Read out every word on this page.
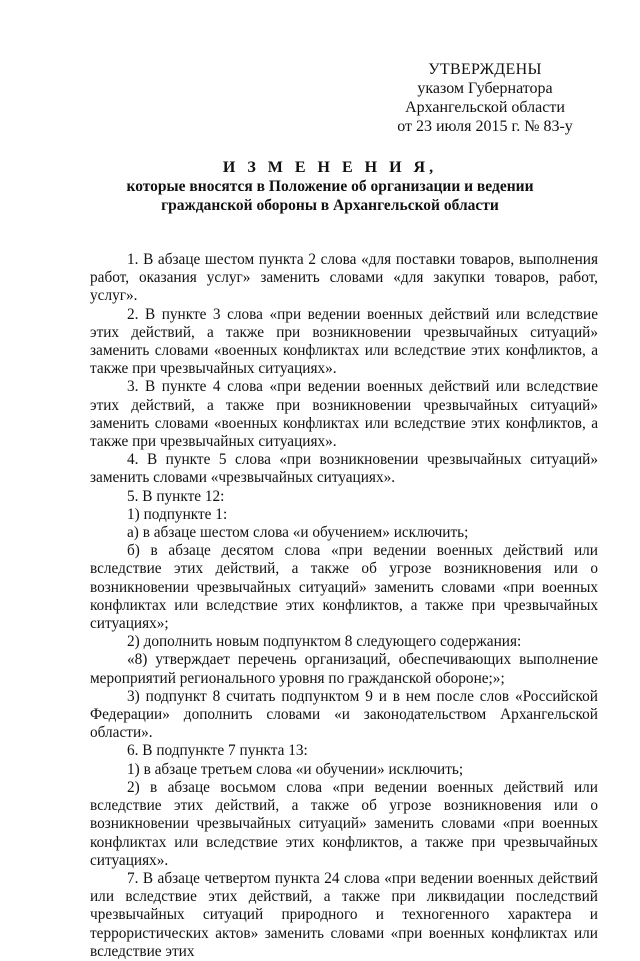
УТВЕРЖДЕНЫ
указом Губернатора
Архангельской области
от 23 июля 2015 г. № 83-у
И З М Е Н Е Н И Я,
которые вносятся в Положение об организации и ведении
гражданской обороны в Архангельской области

1. В абзаце шестом пункта 2 слова «для поставки товаров, выполнения работ, оказания услуг» заменить словами «для закупки товаров, работ, услуг».

2. В пункте 3 слова «при ведении военных действий или вследствие этих действий, а также при возникновении чрезвычайных ситуаций» заменить словами «военных конфликтах или вследствие этих конфликтов, а также при чрезвычайных ситуациях».

3. В пункте 4 слова «при ведении военных действий или вследствие этих действий, а также при возникновении чрезвычайных ситуаций» заменить словами «военных конфликтах или вследствие этих конфликтов, а также при чрезвычайных ситуациях».

4. В пункте 5 слова «при возникновении чрезвычайных ситуаций» заменить словами «чрезвычайных ситуациях».

5. В пункте 12:

1) подпункте 1:

а) в абзаце шестом слова «и обучением» исключить;

б) в абзаце десятом слова «при ведении военных действий или вследствие этих действий, а также об угрозе возникновения или о возникновении чрезвычайных ситуаций» заменить словами «при военных конфликтах или вследствие этих конфликтов, а также при чрезвычайных ситуациях»;

2) дополнить новым подпунктом 8 следующего содержания:

«8) утверждает перечень организаций, обеспечивающих выполнение мероприятий регионального уровня по гражданской обороне;»;

3) подпункт 8 считать подпунктом 9 и в нем после слов «Российской Федерации» дополнить словами «и законодательством Архангельской области».

6. В подпункте 7 пункта 13:

1) в абзаце третьем слова «и обучении» исключить;

2) в абзаце восьмом слова «при ведении военных действий или вследствие этих действий, а также об угрозе возникновения или о возникновении чрезвычайных ситуаций» заменить словами «при военных конфликтах или вследствие этих конфликтов, а также при чрезвычайных ситуациях».

7. В абзаце четвертом пункта 24 слова «при ведении военных действий или вследствие этих действий, а также при ликвидации последствий чрезвычайных ситуаций природного и техногенного характера и террористических актов» заменить словами «при военных конфликтах или вследствие этих
